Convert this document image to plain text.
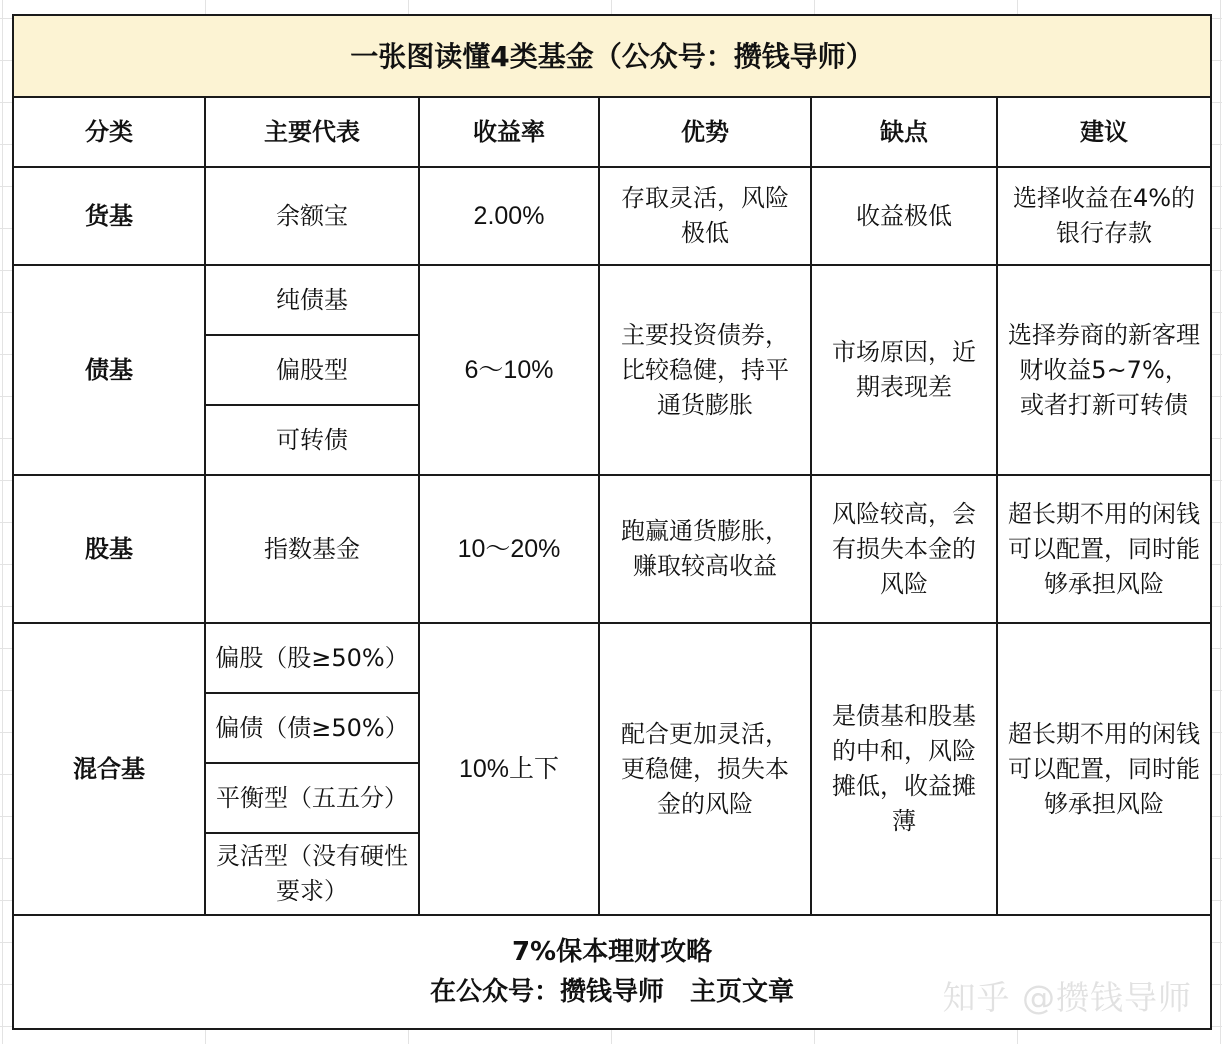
一张图读懂4类基金（公众号：攒钱导师）					
分类	主要代表	收益率	优势	缺点	建议
货基	余额宝	2.00%	存取灵活，风险极低	收益极低	选择收益在4%的银行存款
债基	纯债基	6～10%	主要投资债券，比较稳健，持平通货膨胀	市场原因，近期表现差	选择券商的新客理财收益5~7%，或者打新可转债
	偏股型				
	可转债				
股基	指数基金	10～20%	跑赢通货膨胀，赚取较高收益	风险较高，会有损失本金的风险	超长期不用的闲钱可以配置，同时能够承担风险
混合基	偏股（股≥50%）	10%上下	配合更加灵活，更稳健，损失本金的风险	是债基和股基的中和，风险摊低，收益摊薄	超长期不用的闲钱可以配置，同时能够承担风险
	偏债（债≥50%）				
	平衡型（五五分）				
	灵活型（没有硬性要求）				

7%保本理财攻略
在公众号：攒钱导师　主页文章						知乎 @攒钱导师
